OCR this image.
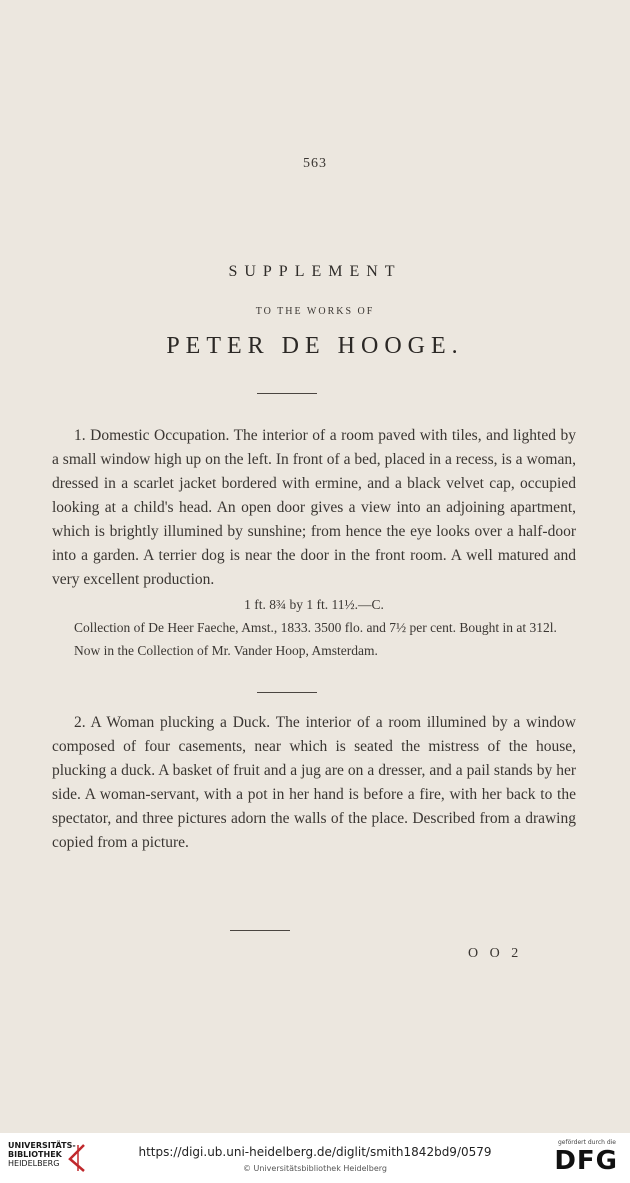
563
SUPPLEMENT
TO THE WORKS OF
PETER DE HOOGE.

1. Domestic Occupation. The interior of a room paved with tiles, and lighted by a small window high up on the left. In front of a bed, placed in a recess, is a woman, dressed in a scarlet jacket bordered with ermine, and a black velvet cap, occupied looking at a child's head. An open door gives a view into an adjoining apartment, which is brightly illumined by sunshine; from hence the eye looks over a half-door into a garden. A terrier dog is near the door in the front room. A well matured and very excellent production.

1 ft. 8¾ by 1 ft. 11½.—C.

Collection of De Heer Faeche, Amst., 1833. 3500 flo. and 7½ per cent. Bought in at 312l.

Now in the Collection of Mr. Vander Hoop, Amsterdam.

2. A Woman plucking a Duck. The interior of a room illumined by a window composed of four casements, near which is seated the mistress of the house, plucking a duck. A basket of fruit and a jug are on a dresser, and a pail stands by her side. A woman-servant, with a pot in her hand is before a fire, with her back to the spectator, and three pictures adorn the walls of the place. Described from a drawing copied from a picture.

O O 2
UNIVERSITÄTS-
BIBLIOTHEK
HEIDELBERG
https://digi.ub.uni-heidelberg.de/diglit/smith1842bd9/0579
© Universitätsbibliothek Heidelberg
gefördert durch die
DFG
